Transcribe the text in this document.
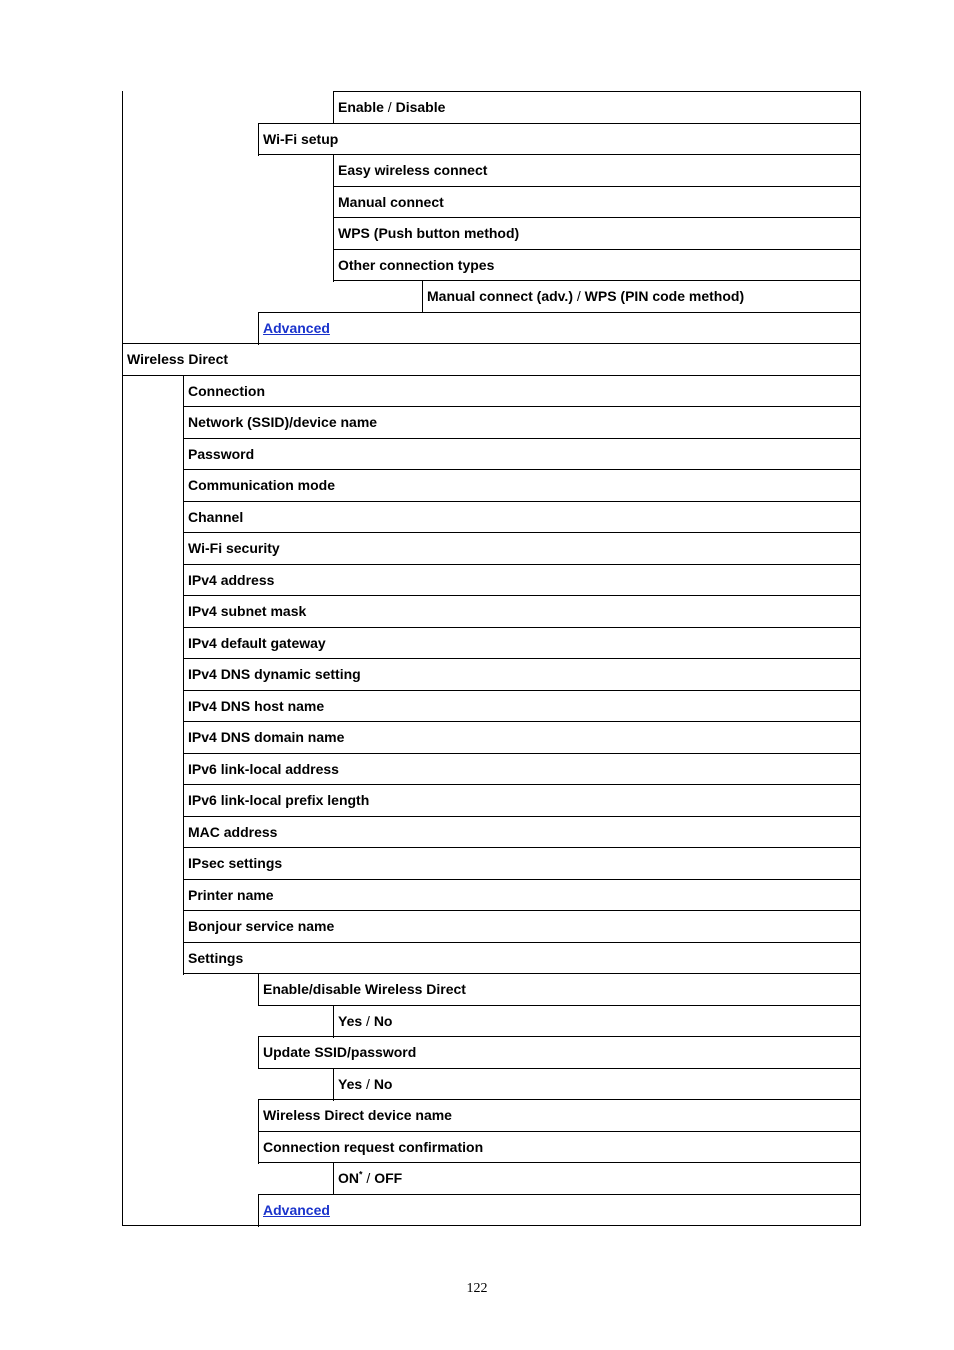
Enable / Disable
Wi-Fi setup
Easy wireless connect
Manual connect
WPS (Push button method)
Other connection types
Manual connect (adv.) / WPS (PIN code method)
Advanced
Wireless Direct
Connection
Network (SSID)/device name
Password
Communication mode
Channel
Wi-Fi security
IPv4 address
IPv4 subnet mask
IPv4 default gateway
IPv4 DNS dynamic setting
IPv4 DNS host name
IPv4 DNS domain name
IPv6 link-local address
IPv6 link-local prefix length
MAC address
IPsec settings
Printer name
Bonjour service name
Settings
Enable/disable Wireless Direct
Yes / No
Update SSID/password
Yes / No
Wireless Direct device name
Connection request confirmation
ON* / OFF
Advanced
122
